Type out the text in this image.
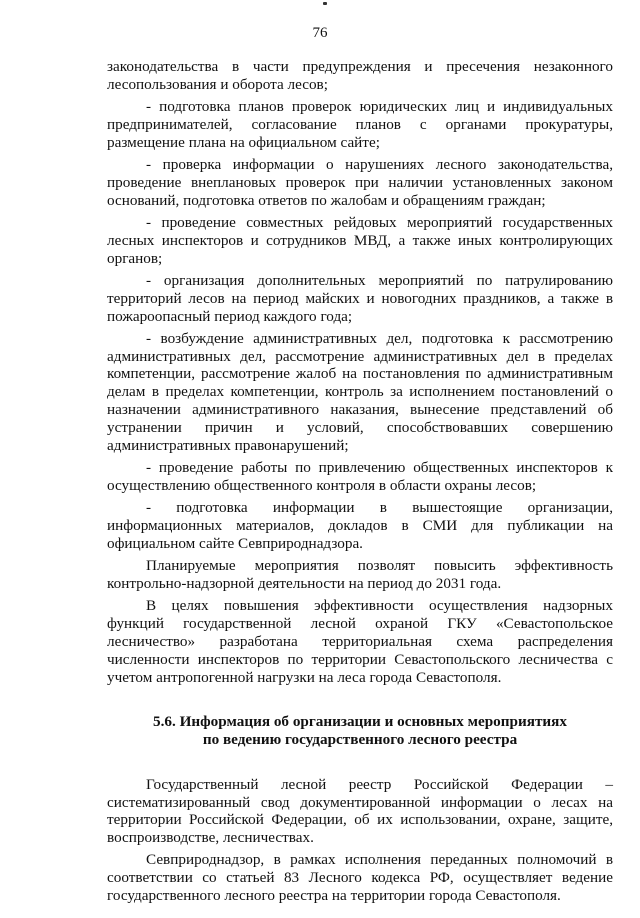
76

законодательства в части предупреждения и пресечения незаконного лесопользования и оборота лесов;

- подготовка планов проверок юридических лиц и индивидуальных предпринимателей, согласование планов с органами прокуратуры, размещение плана на официальном сайте;

- проверка информации о нарушениях лесного законодательства, проведение внеплановых проверок при наличии установленных законом оснований, подготовка ответов по жалобам и обращениям граждан;

- проведение совместных рейдовых мероприятий государственных лесных инспекторов и сотрудников МВД, а также иных контролирующих органов;

- организация дополнительных мероприятий по патрулированию территорий лесов на период майских и новогодних праздников, а также в пожароопасный период каждого года;

- возбуждение административных дел, подготовка к рассмотрению административных дел, рассмотрение административных дел в пределах компетенции, рассмотрение жалоб на постановления по административным делам в пределах компетенции, контроль за исполнением постановлений о назначении административного наказания, вынесение представлений об устранении причин и условий, способствовавших совершению административных правонарушений;

- проведение работы по привлечению общественных инспекторов к осуществлению общественного контроля в области охраны лесов;

- подготовка информации в вышестоящие организации, информационных материалов, докладов в СМИ для публикации на официальном сайте Севприроднадзора.

Планируемые мероприятия позволят повысить эффективность контрольно-надзорной деятельности на период до 2031 года.

В целях повышения эффективности осуществления надзорных функций государственной лесной охраной ГКУ «Севастопольское лесничество» разработана территориальная схема распределения численности инспекторов по территории Севастопольского лесничества с учетом антропогенной нагрузки на леса города Севастополя.

5.6. Информация об организации и основных мероприятиях
по ведению государственного лесного реестра

Государственный лесной реестр Российской Федерации – систематизированный свод документированной информации о лесах на территории Российской Федерации, об их использовании, охране, защите, воспроизводстве, лесничествах.

Севприроднадзор, в рамках исполнения переданных полномочий в соответствии со статьей 83 Лесного кодекса РФ, осуществляет ведение государственного лесного реестра на территории города Севастополя.
